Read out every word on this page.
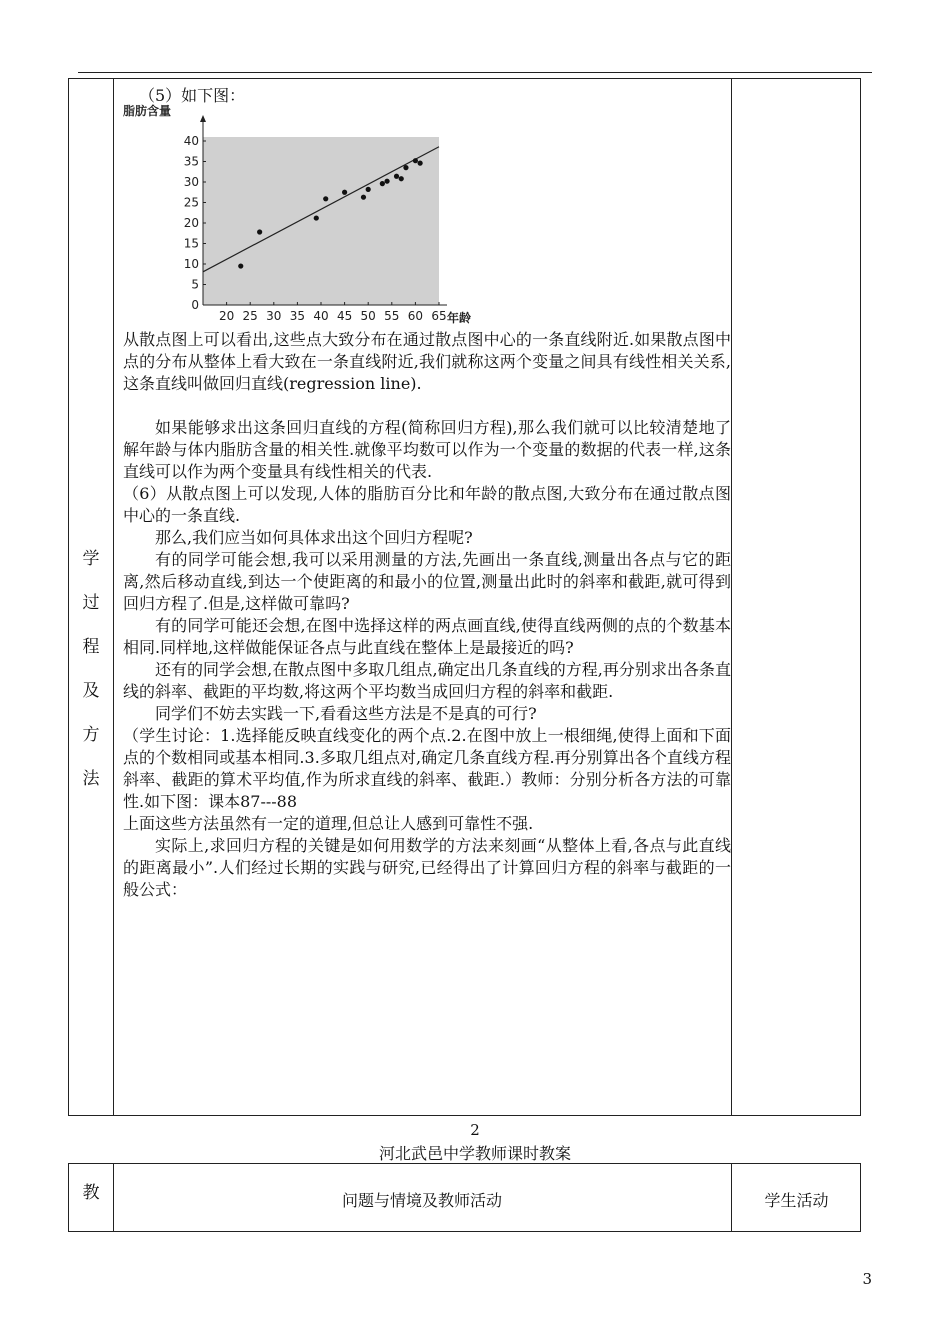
学
过
程
及
方
法

（5）如下图：

0
5
10
15
20
25
30
35
40
20 25 30 35 40 45 50 55 60 65
脂肪含量
年龄

从散点图上可以看出,这些点大致分布在通过散点图中心的一条直线附近.如果散点图中点的分布从整体上看大致在一条直线附近,我们就称这两个变量之间具有线性相关关系,这条直线叫做回归直线(regression line).

如果能够求出这条回归直线的方程(简称回归方程),那么我们就可以比较清楚地了解年龄与体内脂肪含量的相关性.就像平均数可以作为一个变量的数据的代表一样,这条直线可以作为两个变量具有线性相关的代表.

（6）从散点图上可以发现,人体的脂肪百分比和年龄的散点图,大致分布在通过散点图中心的一条直线.

那么,我们应当如何具体求出这个回归方程呢?

有的同学可能会想,我可以采用测量的方法,先画出一条直线,测量出各点与它的距离,然后移动直线,到达一个使距离的和最小的位置,测量出此时的斜率和截距,就可得到回归方程了.但是,这样做可靠吗?

有的同学可能还会想,在图中选择这样的两点画直线,使得直线两侧的点的个数基本相同.同样地,这样做能保证各点与此直线在整体上是最接近的吗?

还有的同学会想,在散点图中多取几组点,确定出几条直线的方程,再分别求出各条直线的斜率、截距的平均数,将这两个平均数当成回归方程的斜率和截距.

同学们不妨去实践一下,看看这些方法是不是真的可行?

（学生讨论：1.选择能反映直线变化的两个点.2.在图中放上一根细绳,使得上面和下面点的个数相同或基本相同.3.多取几组点对,确定几条直线方程.再分别算出各个直线方程斜率、截距的算术平均值,作为所求直线的斜率、截距.）教师：分别分析各方法的可靠性.如下图：课本87---88

上面这些方法虽然有一定的道理,但总让人感到可靠性不强.

实际上,求回归方程的关键是如何用数学的方法来刻画“从整体上看,各点与此直线的距离最小”.人们经过长期的实践与研究,已经得出了计算回归方程的斜率与截距的一般公式：

2
河北武邑中学教师课时教案
教	问题与情境及教师活动	学生活动
3
